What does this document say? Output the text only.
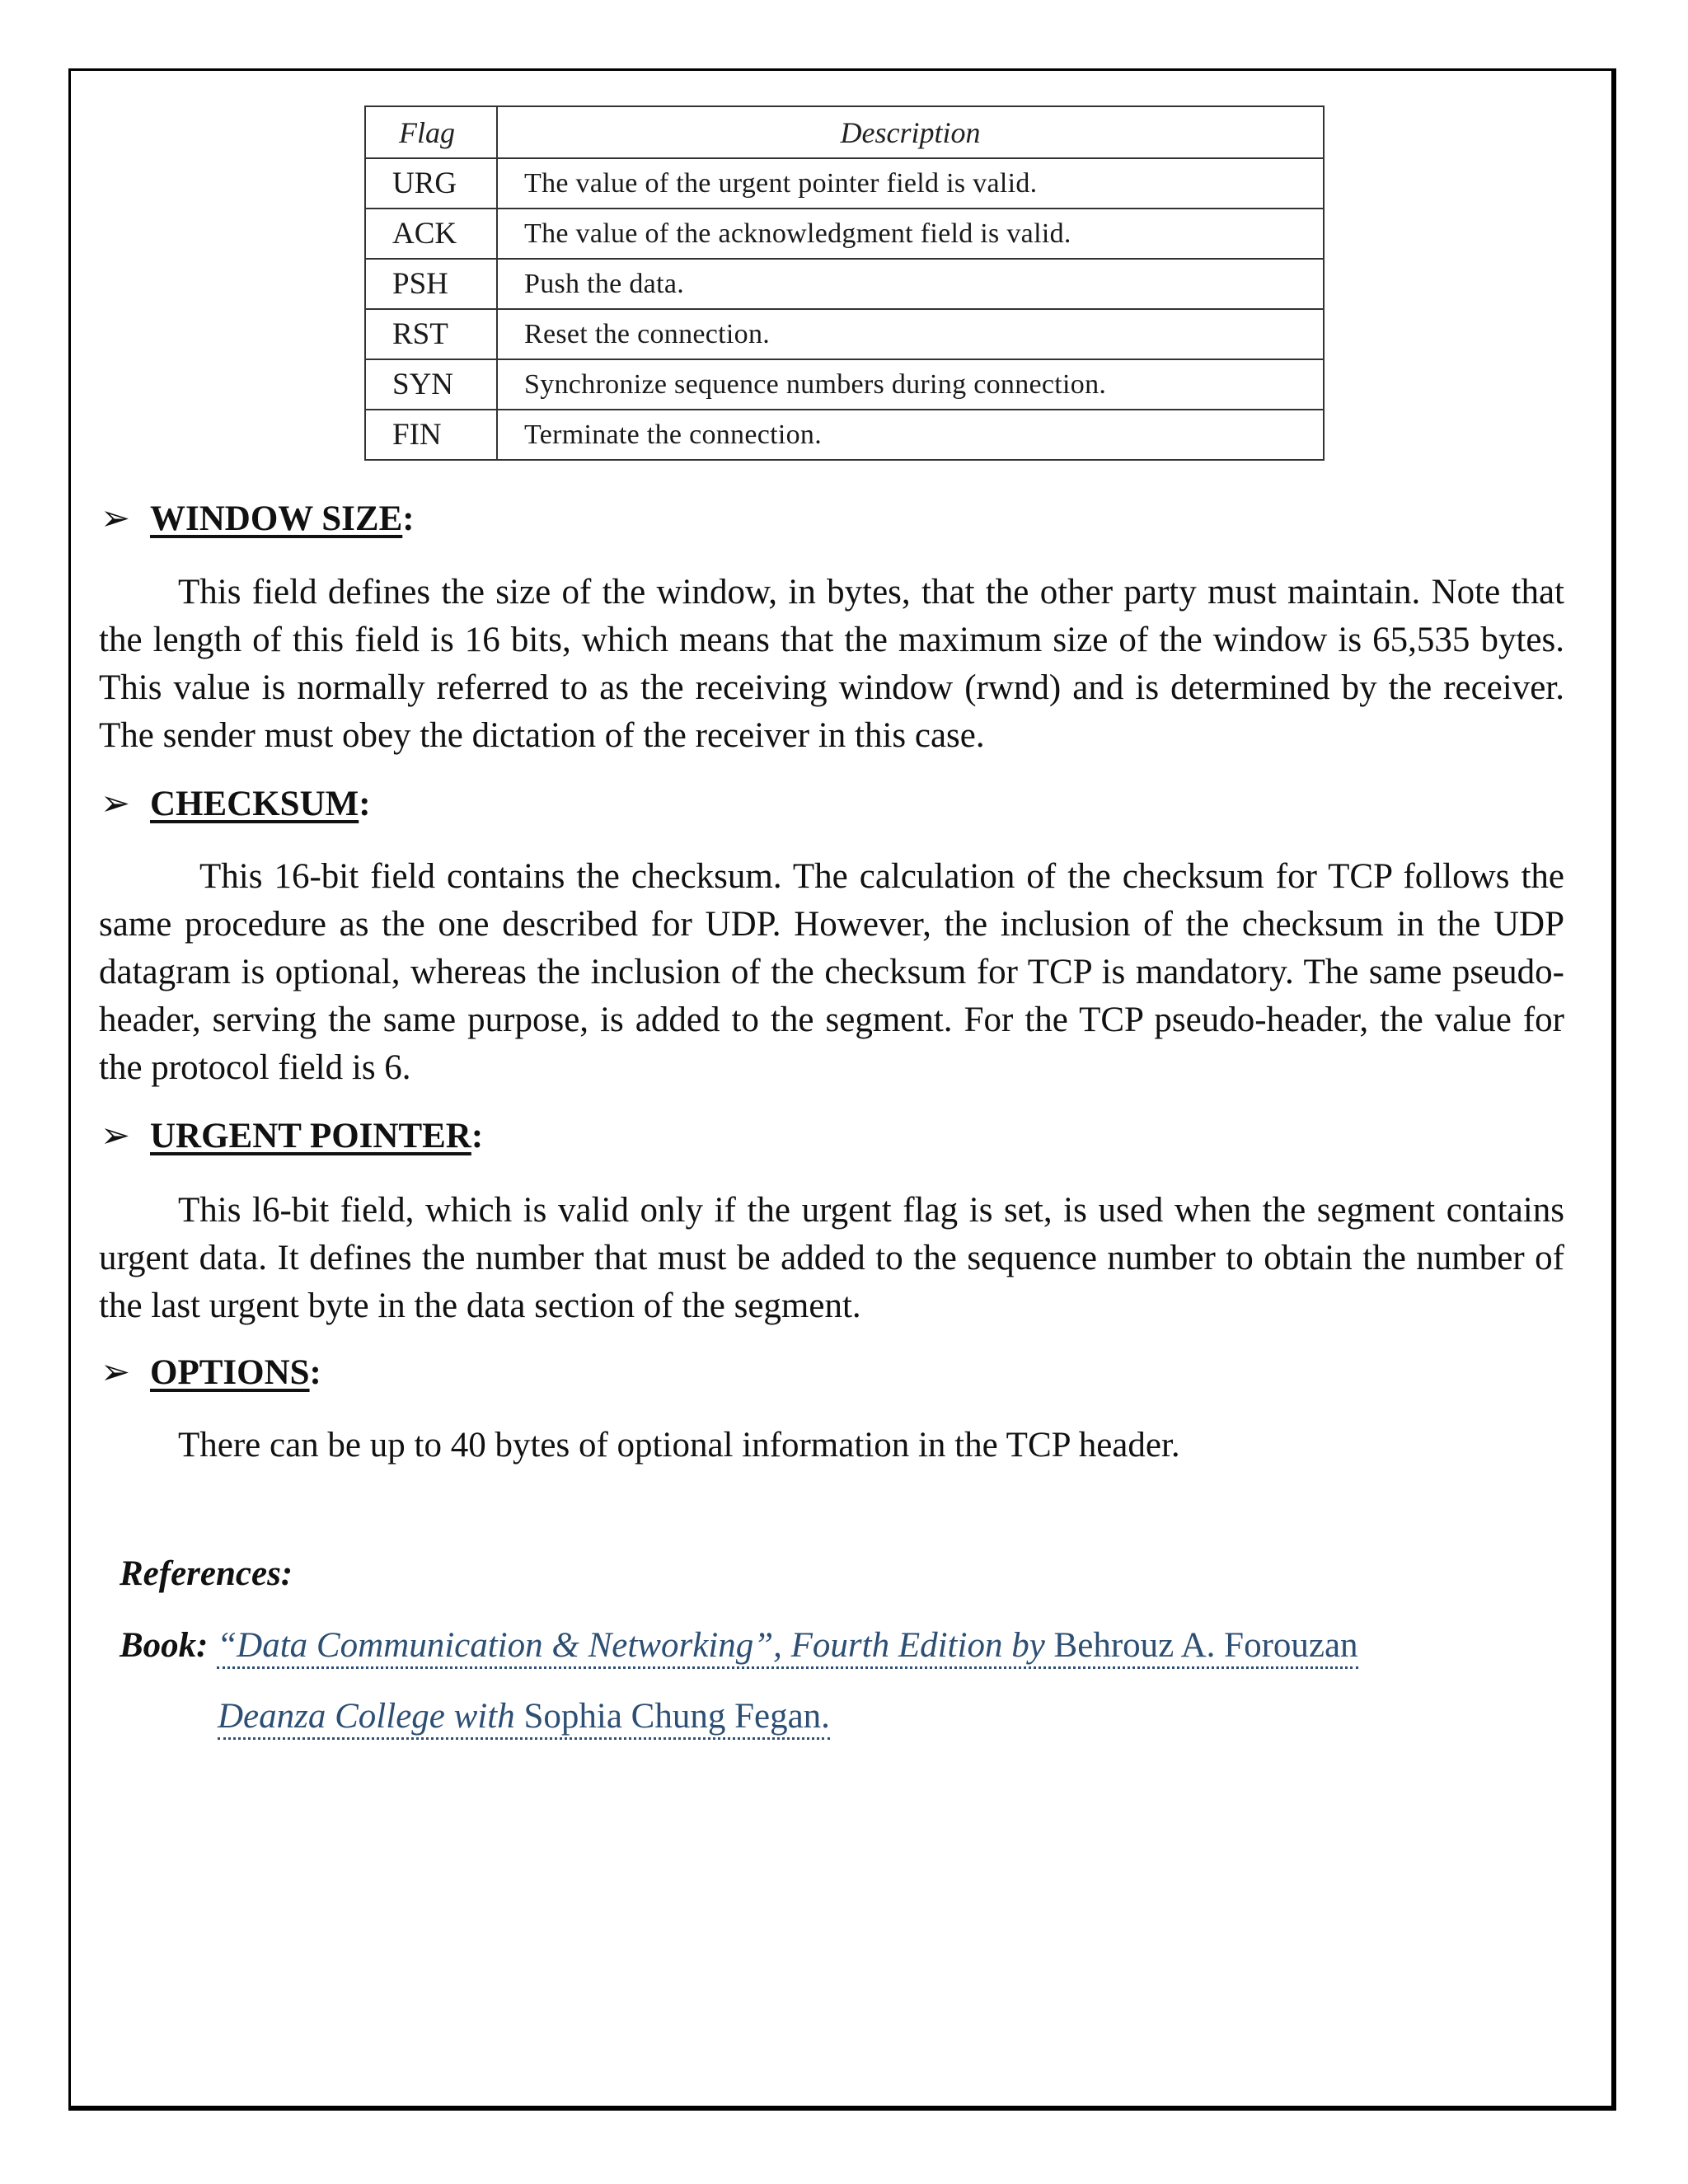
Flag	Description
URG	The value of the urgent pointer field is valid.
ACK	The value of the acknowledgment field is valid.
PSH	Push the data.
RST	Reset the connection.
SYN	Synchronize sequence numbers during connection.
FIN	Terminate the connection.
➢ WINDOW SIZE:

This field defines the size of the window, in bytes, that the other party must maintain. Note that the length of this field is 16 bits, which means that the maximum size of the window is 65,535 bytes. This value is normally referred to as the receiving window (rwnd) and is determined by the receiver. The sender must obey the dictation of the receiver in this case.

➢ CHECKSUM:

This 16-bit field contains the checksum. The calculation of the checksum for TCP follows the same procedure as the one described for UDP. However, the inclusion of the checksum in the UDP datagram is optional, whereas the inclusion of the checksum for TCP is mandatory. The same pseudo-header, serving the same purpose, is added to the segment. For the TCP pseudo-header, the value for the protocol field is 6.

➢ URGENT POINTER:

This l6-bit field, which is valid only if the urgent flag is set, is used when the segment contains urgent data. It defines the number that must be added to the sequence number to obtain the number of the last urgent byte in the data section of the segment.

➢ OPTIONS:

There can be up to 40 bytes of optional information in the TCP header.

References:
Book: “Data Communication & Networking”, Fourth Edition by Behrouz A. Forouzan
Deanza College with Sophia Chung Fegan.
